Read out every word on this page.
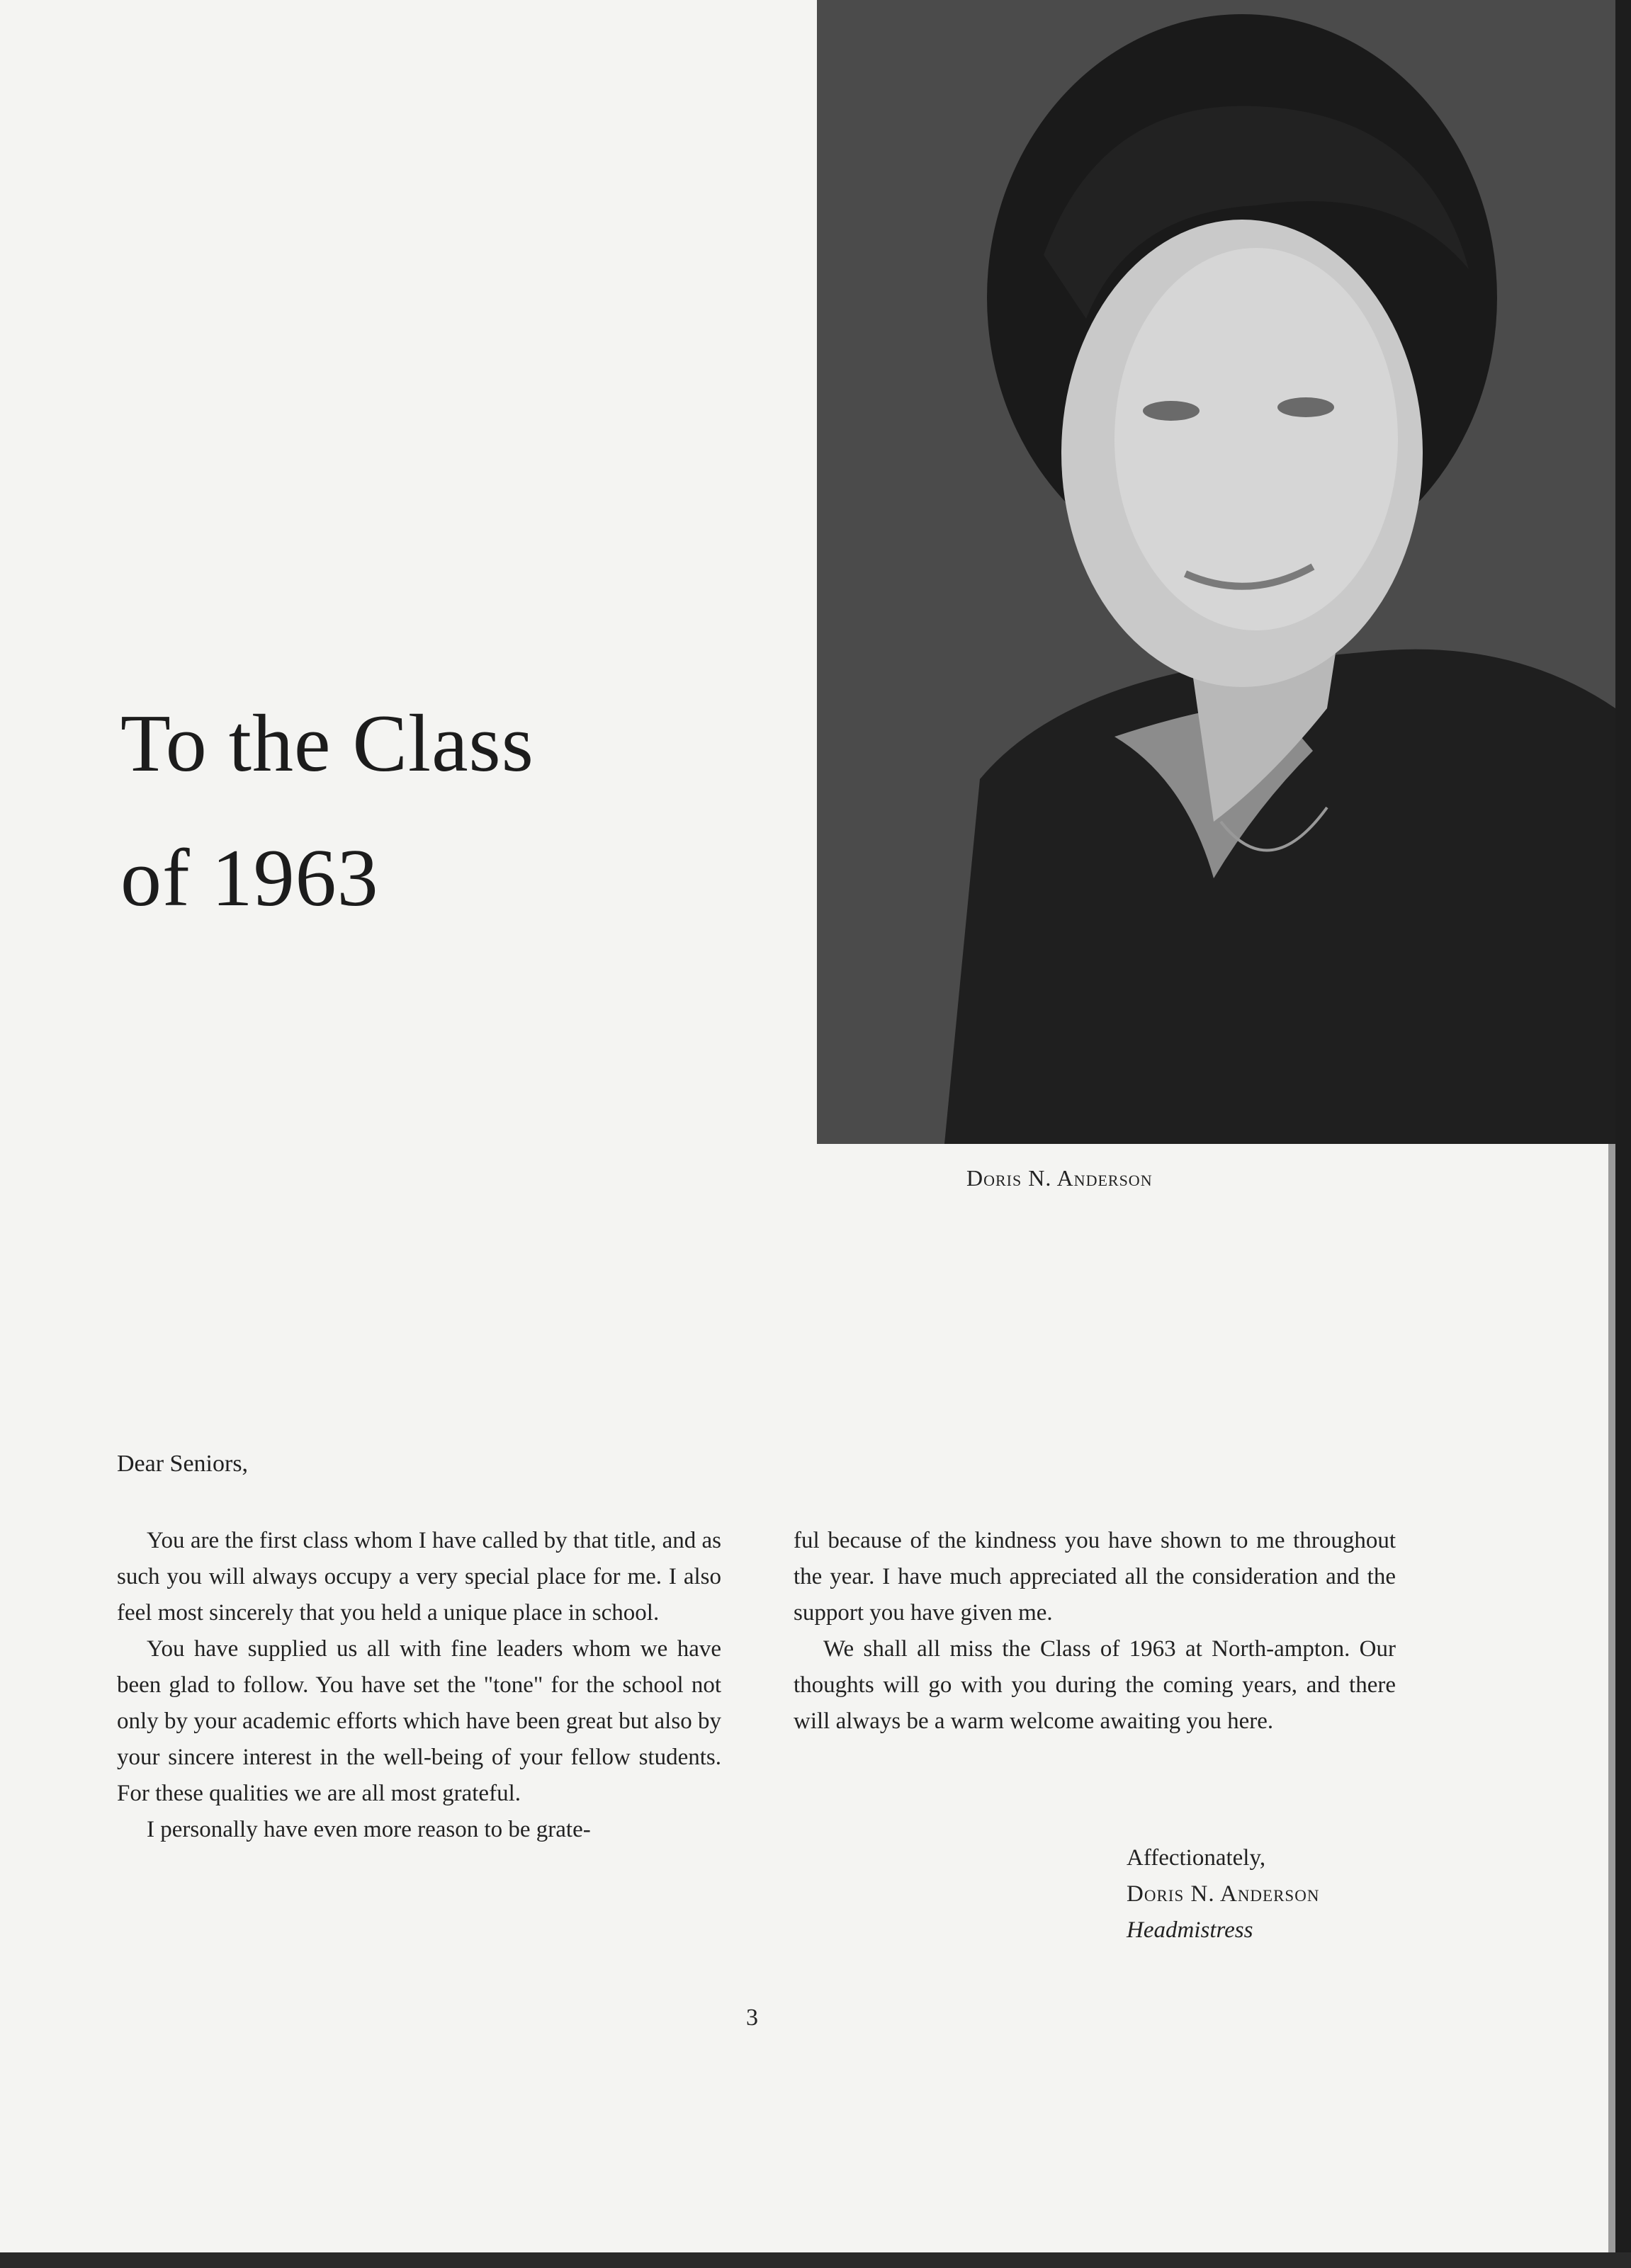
To the Class
of 1963
Doris N. Anderson
Dear Seniors,

You are the first class whom I have called by that title, and as such you will always occupy a very special place for me. I also feel most sincerely that you held a unique place in school.

You have supplied us all with fine leaders whom we have been glad to follow. You have set the "tone" for the school not only by your academic efforts which have been great but also by your sincere interest in the well-being of your fellow students. For these qualities we are all most grateful.

I personally have even more reason to be grate-

ful because of the kindness you have shown to me throughout the year. I have much appreciated all the consideration and the support you have given me.

We shall all miss the Class of 1963 at North-ampton. Our thoughts will go with you during the coming years, and there will always be a warm welcome awaiting you here.

Affectionately,
Doris N. Anderson
Headmistress
3
